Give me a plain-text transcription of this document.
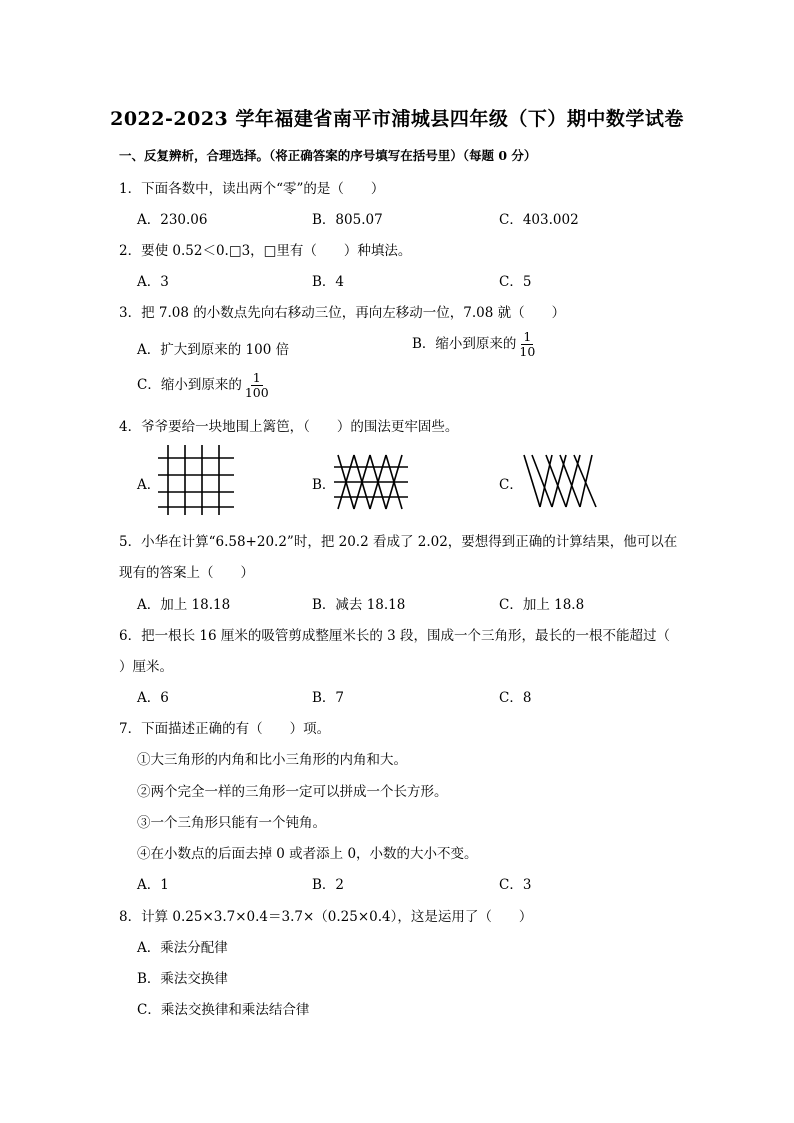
2022-2023 学年福建省南平市浦城县四年级（下）期中数学试卷
一、反复辨析，合理选择。（将正确答案的序号填写在括号里）（每题 0 分）
1．下面各数中，读出两个“零”的是（　　）
A．230.06	B．805.07	C．403.002
2．要使 0.52＜0.□3，□里有（　　）种填法。
A．3	B．4	C．5
3．把 7.08 的小数点先向右移动三位，再向左移动一位，7.08 就（　　）
A．扩大到原来的 100 倍	B．缩小到原来的 $\frac{1}{10}$
C．缩小到原来的 $\frac{1}{100}$
4．爷爷要给一块地围上篱笆，（　　）的围法更牢固些。
A．	B．	C．
5．小华在计算“6.58+20.2”时，把 20.2 看成了 2.02，要想得到正确的计算结果，他可以在
现有的答案上（　　）
A．加上 18.18	B．减去 18.18	C．加上 18.8
6．把一根长 16 厘米的吸管剪成整厘米长的 3 段，围成一个三角形，最长的一根不能超过（
）厘米。
A．6	B．7	C．8
7．下面描述正确的有（　　）项。
①大三角形的内角和比小三角形的内角和大。
②两个完全一样的三角形一定可以拼成一个长方形。
③一个三角形只能有一个钝角。
④在小数点的后面去掉 0 或者添上 0，小数的大小不变。
A．1	B．2	C．3
8．计算 0.25×3.7×0.4＝3.7×（0.25×0.4），这是运用了（　　）
A．乘法分配律
B．乘法交换律
C．乘法交换律和乘法结合律
